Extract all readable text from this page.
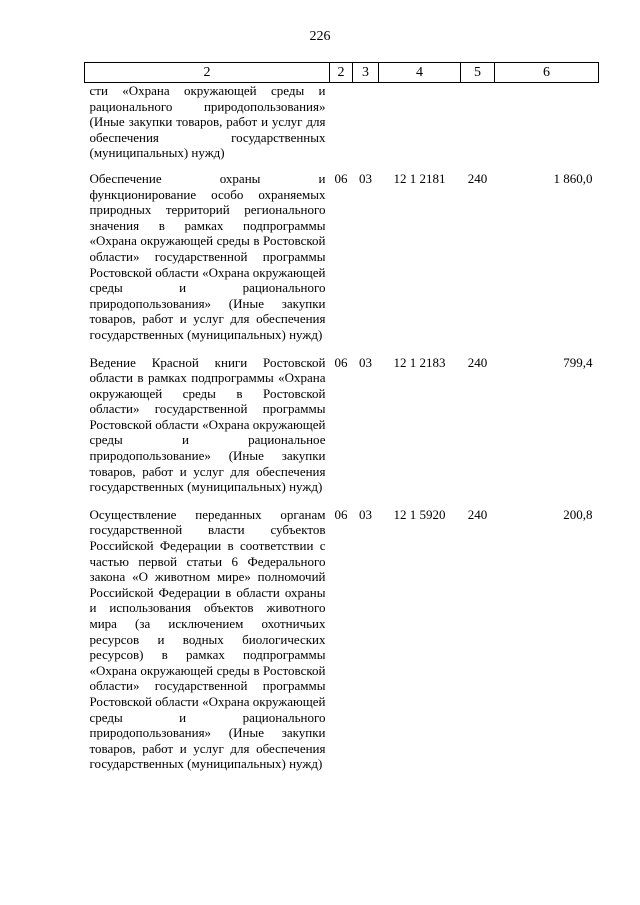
226
2	2	3	4	5	6
сти «Охрана окружающей среды и рационального природопользования» (Иные закупки товаров, работ и услуг для обеспечения государственных (муниципальных) нужд)					
Обеспечение охраны и функционирование особо охраняемых природных территорий регионального значения в рамках подпрограммы «Охрана окружающей среды в Ростовской области» государственной программы Ростовской области «Охрана окружающей среды и рационального природопользования» (Иные закупки товаров, работ и услуг для обеспечения государственных (муниципальных) нужд)	06	03	12 1 2181	240	1 860,0
Ведение Красной книги Ростовской области в рамках подпрограммы «Охрана окружающей среды в Ростовской области» государственной программы Ростовской области «Охрана окружающей среды и рациональное природопользование» (Иные закупки товаров, работ и услуг для обеспечения государственных (муниципальных) нужд)	06	03	12 1 2183	240	799,4
Осуществление переданных органам государственной власти субъектов Российской Федерации в соответствии с частью первой статьи 6 Федерального закона «О животном мире» полномочий Российской Федерации в области охраны и использования объектов животного мира (за исключением охотничьих ресурсов и водных биологических ресурсов) в рамках подпрограммы «Охрана окружающей среды в Ростовской области» государственной программы Ростовской области «Охрана окружающей среды и рационального природопользования» (Иные закупки товаров, работ и услуг для обеспечения государственных (муниципальных) нужд)	06	03	12 1 5920	240	200,8
